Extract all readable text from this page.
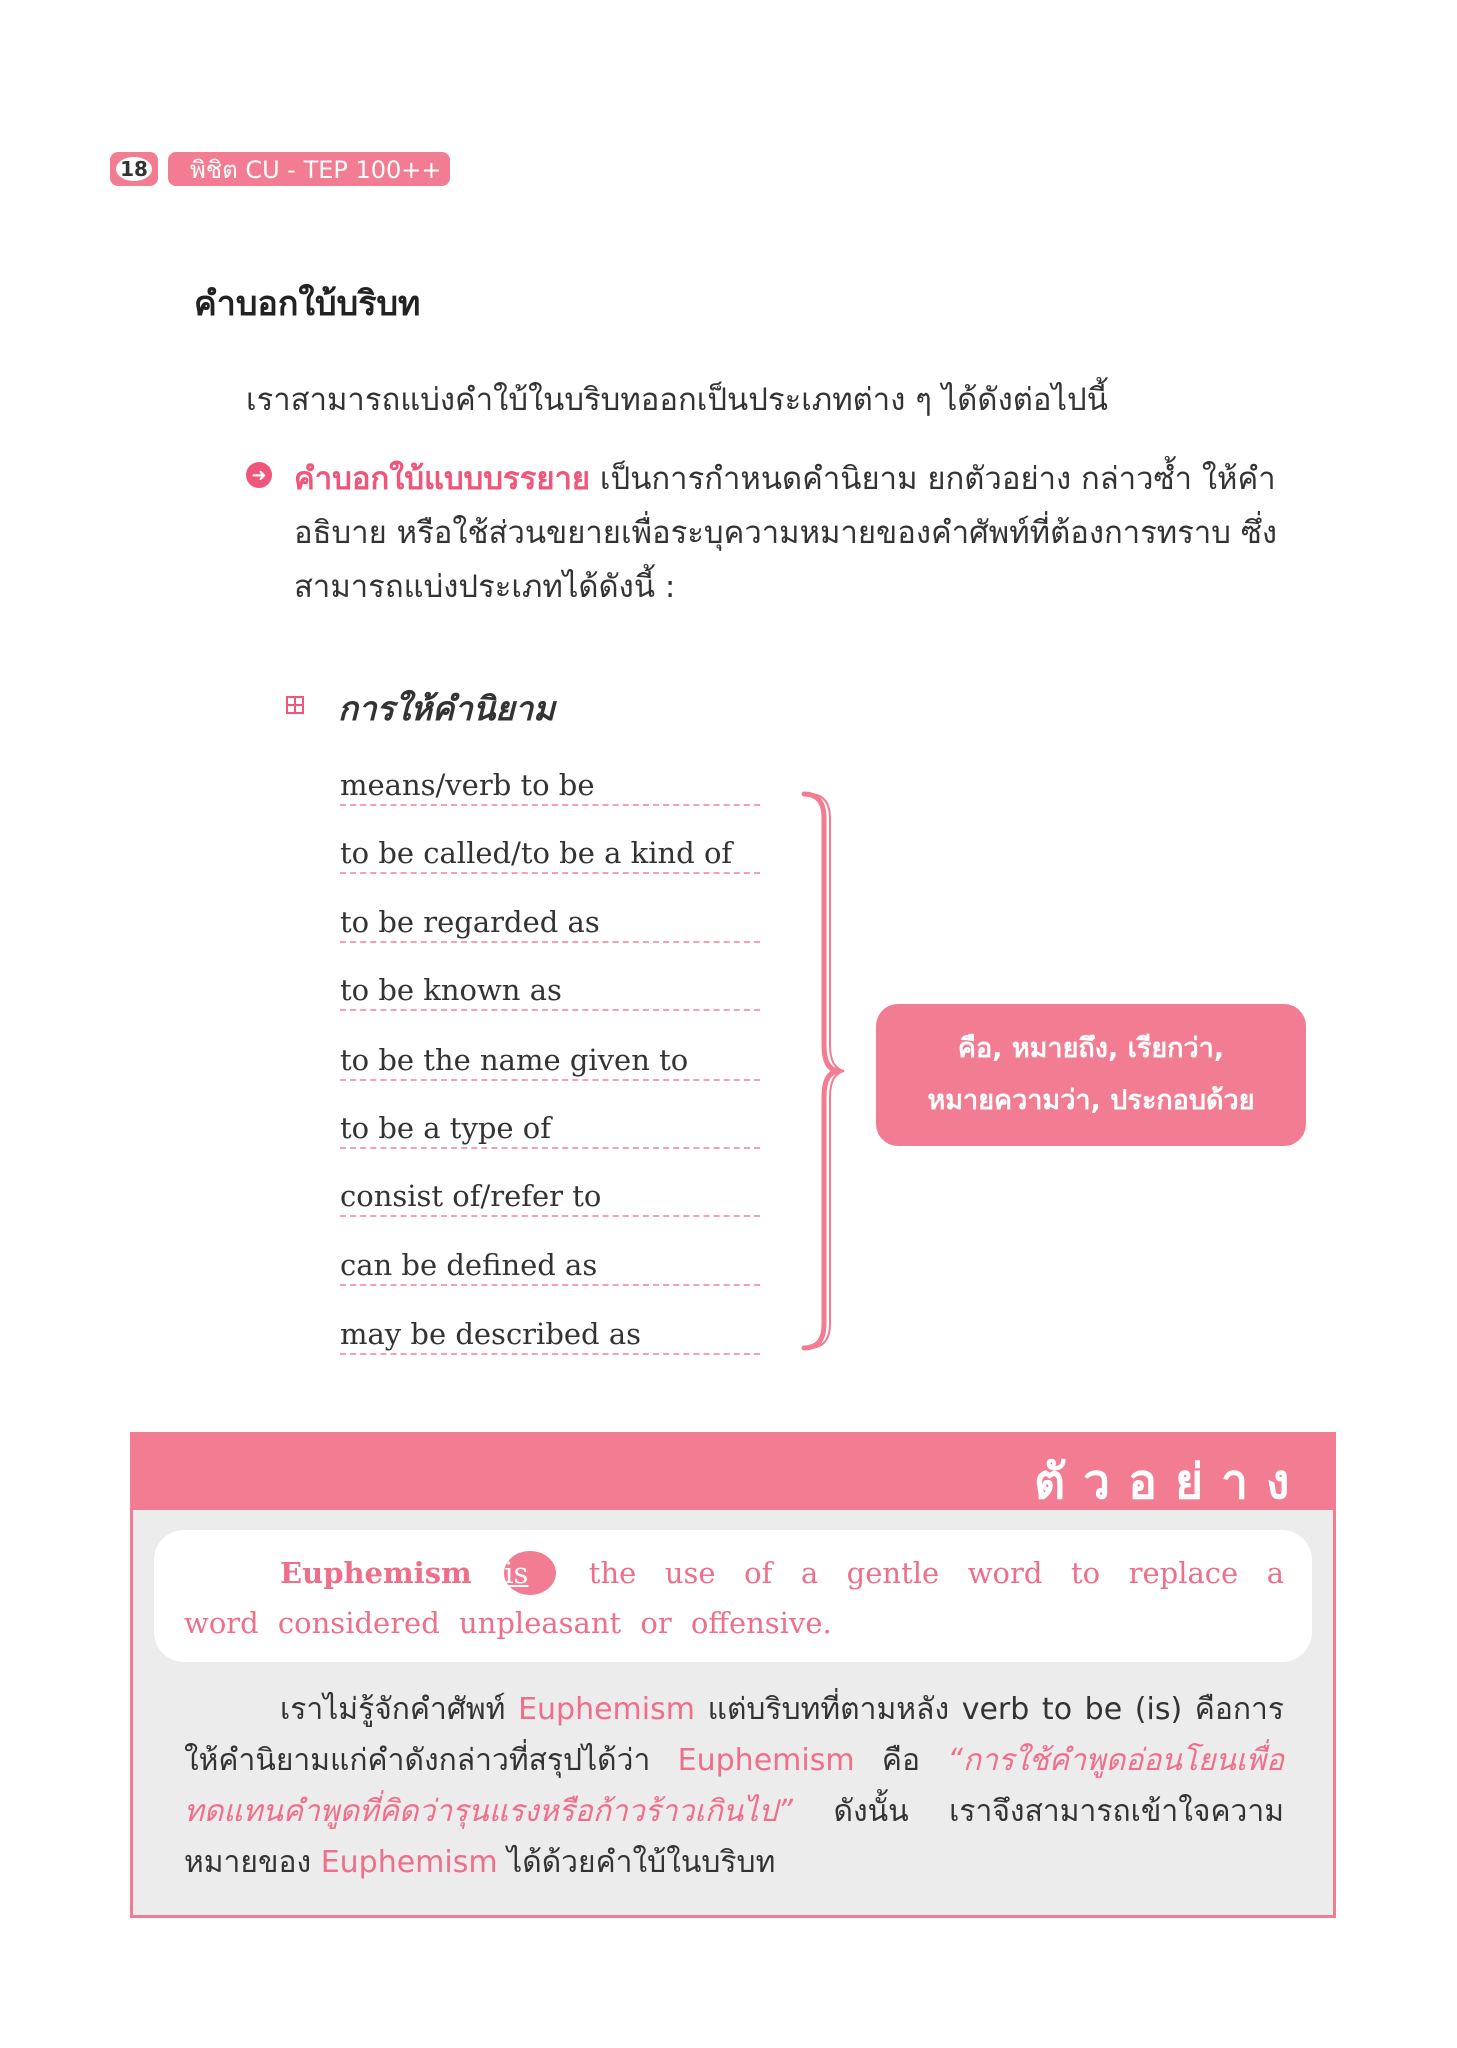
18 พิชิต CU - TEP 100++
คำบอกใบ้บริบท
เราสามารถแบ่งคำใบ้ในบริบทออกเป็นประเภทต่าง ๆ ได้ดังต่อไปนี้
➜ คำบอกใบ้แบบบรรยาย เป็นการกำหนดคำนิยาม ยกตัวอย่าง กล่าวซ้ำ ให้คำอธิบาย หรือใช้ส่วนขยายเพื่อระบุความหมายของคำศัพท์ที่ต้องการทราบ ซึ่งสามารถแบ่งประเภทได้ดังนี้ :
การให้คำนิยาม
means/verb to be
to be called/to be a kind of
to be regarded as
to be known as
to be the name given to
to be a type of
consist of/refer to
can be defined as
may be described as
คือ, หมายถึง, เรียกว่า,
หมายความว่า, ประกอบด้วย
ตัวอย่าง
Euphemism is the use of a gentle word to replace a word considered unpleasant or offensive.
เราไม่รู้จักคำศัพท์ Euphemism แต่บริบทที่ตามหลัง verb to be (is) คือการให้คำนิยามแก่คำดังกล่าวที่สรุปได้ว่า Euphemism คือ “การใช้คำพูดอ่อนโยนเพื่อทดแทนคำพูดที่คิดว่ารุนแรงหรือก้าวร้าวเกินไป” ดังนั้น เราจึงสามารถเข้าใจความหมายของ Euphemism ได้ด้วยคำใบ้ในบริบท
